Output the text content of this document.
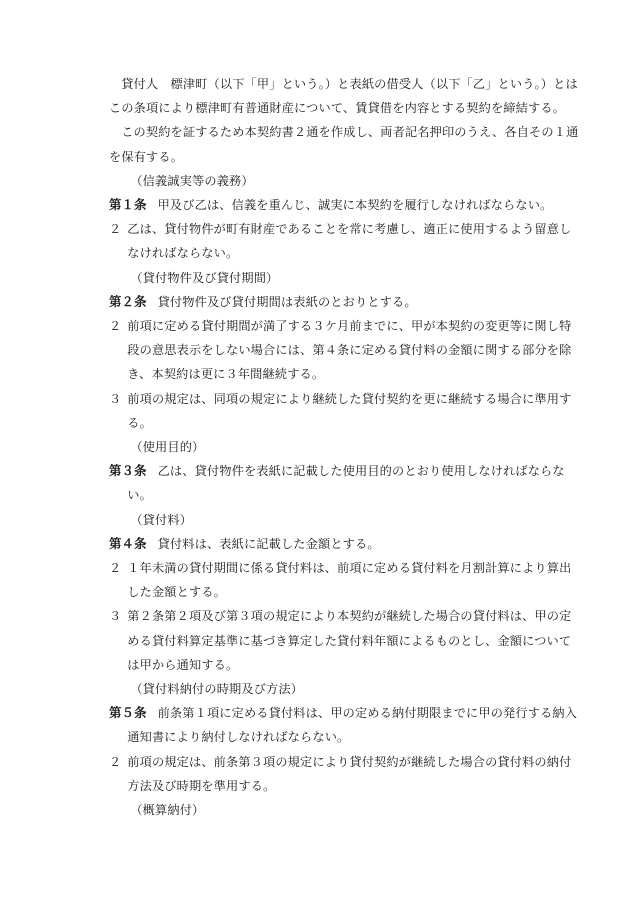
貸付人　標津町（以下「甲」という。）と表紙の借受人（以下「乙」という。）とはこの条項により標津町有普通財産について、賃貸借を内容とする契約を締結する。

この契約を証するため本契約書２通を作成し、両者記名押印のうえ、各自その１通を保有する。

（信義誠実等の義務）

第１条 甲及び乙は、信義を重んじ、誠実に本契約を履行しなければならない。

２ 乙は、貸付物件が町有財産であることを常に考慮し、適正に使用するよう留意しなければならない。

（貸付物件及び貸付期間）

第２条 貸付物件及び貸付期間は表紙のとおりとする。

２ 前項に定める貸付期間が満了する３ケ月前までに、甲が本契約の変更等に関し特段の意思表示をしない場合には、第４条に定める貸付料の金額に関する部分を除き、本契約は更に３年間継続する。

３ 前項の規定は、同項の規定により継続した貸付契約を更に継続する場合に準用する。

（使用目的）

第３条 乙は、貸付物件を表紙に記載した使用目的のとおり使用しなければならない。

（貸付料）

第４条 貸付料は、表紙に記載した金額とする。

２ １年未満の貸付期間に係る貸付料は、前項に定める貸付料を月割計算により算出した金額とする。

３ 第２条第２項及び第３項の規定により本契約が継続した場合の貸付料は、甲の定める貸付料算定基準に基づき算定した貸付料年額によるものとし、金額については甲から通知する。

（貸付料納付の時期及び方法）

第５条 前条第１項に定める貸付料は、甲の定める納付期限までに甲の発行する納入通知書により納付しなければならない。

２ 前項の規定は、前条第３項の規定により貸付契約が継続した場合の貸付料の納付方法及び時期を準用する。

（概算納付）
